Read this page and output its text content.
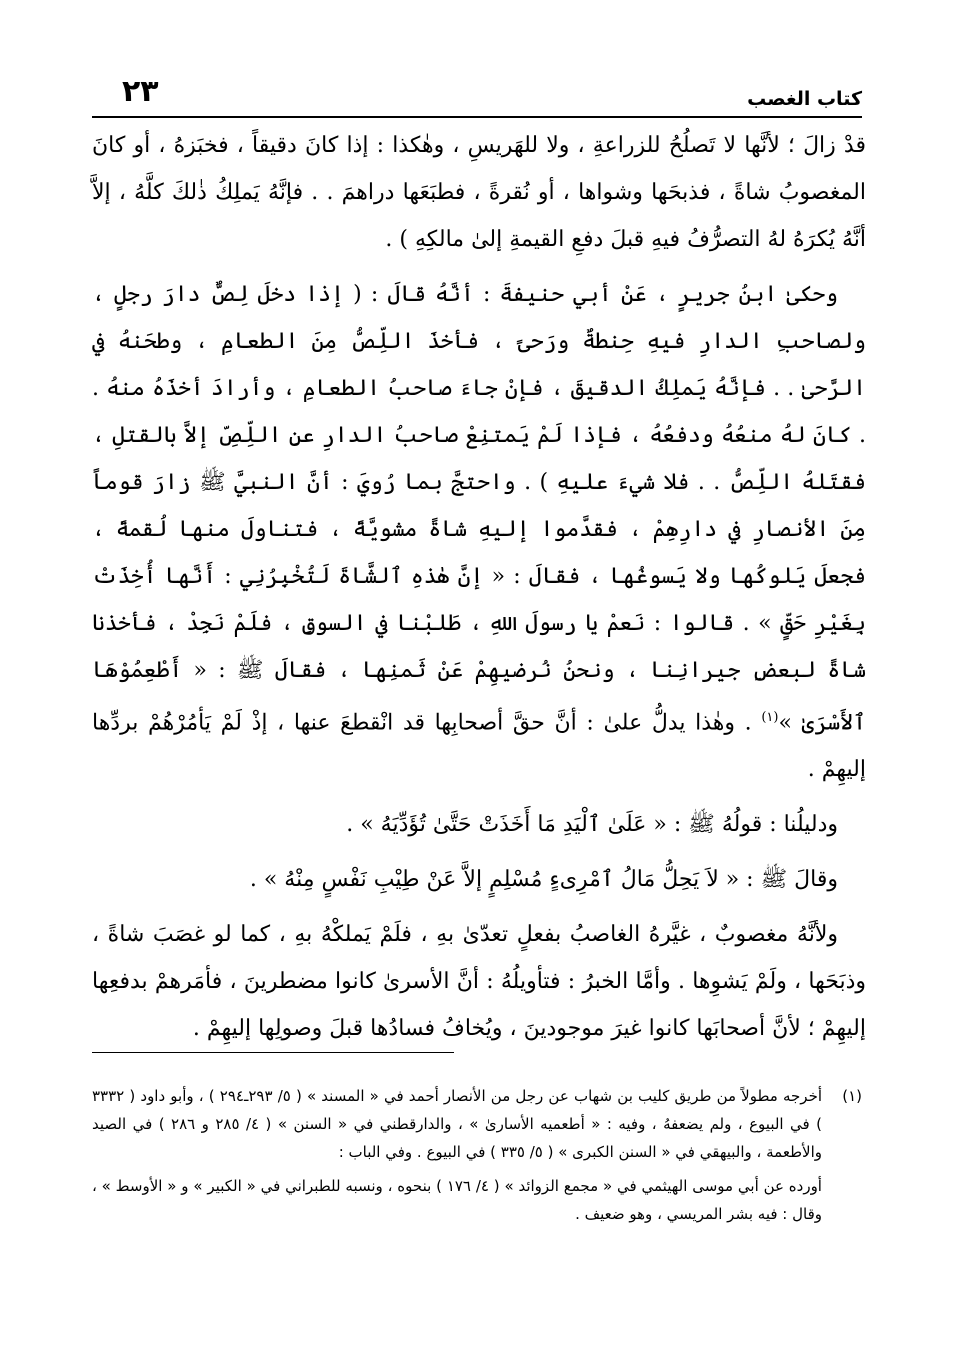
كتاب الغصب
٢٣

قدْ زالَ ؛ لأنَّها لا تَصلُحُ للزراعةِ ، ولا للهَريسِ ، وهٰكذا : إذا كانَ دقيقاً ، فخبَزهُ ، أو كانَ المغصوبُ شاةً ، فذبحَها وشواها ، أو نُقرةً ، فطبَعَها دراهمَ . . فإنَّهُ يَملِكُ ذٰلكَ كلَّهُ ، إلاَّ أنَّهُ يُكرَهُ لهُ التصرُّفُ فيهِ قبلَ دفعِ القيمةِ إلىٰ مالكِهِ ) .

وحكىٰ ابنُ جريرٍ ، عَنْ أبي حنيفةَ : أنَّهُ قالَ : ( إذا دخلَ لِصٌّ دارَ رجلٍ ، ولصاحبِ الدارِ فيهِ حِنطةٌ ورَحىً ، فأخذَ اللِّصُّ مِنَ الطعامِ ، وطحَنهُ في الرَّحىٰ . . فإنَّهُ يَملِكُ الدقيقَ ، فإنْ جاءَ صاحبُ الطعامِ ، وأرادَ أخذَهُ منهُ . . كانَ لهُ منعُهُ ودفعُهُ ، فإذا لَمْ يَمتنِعْ صاحبُ الدارِ عنِ اللِّصِّ إلاَّ بالقتلِ ، فقتَلهُ اللِّصُّ . . فلا شيءَ عليهِ ) . واحتجَّ بما رُويَ : أنَّ النبيَّ ﷺ زارَ قوماً مِنَ الأنصارِ في دارِهِمْ ، فقدَّموا إليهِ شاةً مشويَّةً ، فتناولَ منها لُقمةً ، فجعلَ يَلوكُها ولا يَسوغُها ، فقالَ : « إنَّ هٰذهِ ٱلشَّاةَ لَتُخْبِرُنِي : أَنَّها أُخِذَتْ بِغَيْرِ حَقٍّ » . قالوا : نَعمْ يا رسولَ اللهِ ، طَلبْنا في السوقِ ، فلَمْ نَجِدْ ، فأخذنا شاةً لبعضِ جيرانِنا ، ونحنُ نُرضيهِمْ عَنْ ثَمنِها ، فقالَ ﷺ : « أَطْعِمُوْهَا ٱلأَسْرَىٰ »$^{(١)}$ . وهٰذا يدلُّ علىٰ : أنَّ حقَّ أصحابِها قد انْقطعَ عنها ، إذْ لَمْ يَأمُرْهُمْ بردِّها إليهِمْ .

ودليلُنا : قولُهُ ﷺ : « عَلَىٰ ٱلْيَدِ مَا أَخَذَتْ حَتَّىٰ تُؤَدِّيَهُ » .

وقالَ ﷺ : « لاَ يَحِلُّ مَالُ ٱمْرِىءٍ مُسْلِمٍ إلاَّ عَنْ طِيْبِ نَفْسٍ مِنْهُ » .

ولأنَّهُ مغصوبٌ ، غيَّرهُ الغاصبُ بفعلٍ تعدّىٰ بهِ ، فلَمْ يَملكْهُ بهِ ، كما لو غصَبَ شاةً ، وذبَحَها ، ولَمْ يَشوِها . وأمَّا الخبرُ : فتأويلُهُ : أنَّ الأسرىٰ كانوا مضطرينَ ، فأمَرهمْ بدفعِها إليهِمْ ؛ لأنَّ أصحابَها كانوا غيرَ موجودينَ ، ويُخافُ فسادُها قبلَ وصولِها إليهِمْ .

(١)
أخرجه مطولاً من طريق كليب بن شهاب عن رجل من الأنصار أحمد في « المسند » ( ٥/ ٢٩٣ـ٢٩٤ ) ، وأبو داود ( ٣٣٣٢ ) في البيوع ، ولم يضعفهُ ، وفيه : « أطعميه الأسارىٰ » ، والدارقطني في « السنن » ( ٤/ ٢٨٥ و ٢٨٦ ) في الصيد والأطعمة ، والبيهقي في « السنن الكبرى » ( ٥/ ٣٣٥ ) في البيوع . وفي الباب :
أورده عن أبي موسى الهيثمي في « مجمع الزوائد » ( ٤/ ١٧٦ ) بنحوه ، ونسبه للطبراني في « الكبير » و « الأوسط » ، وقال : فيه بشر المريسي ، وهو ضعيف .
